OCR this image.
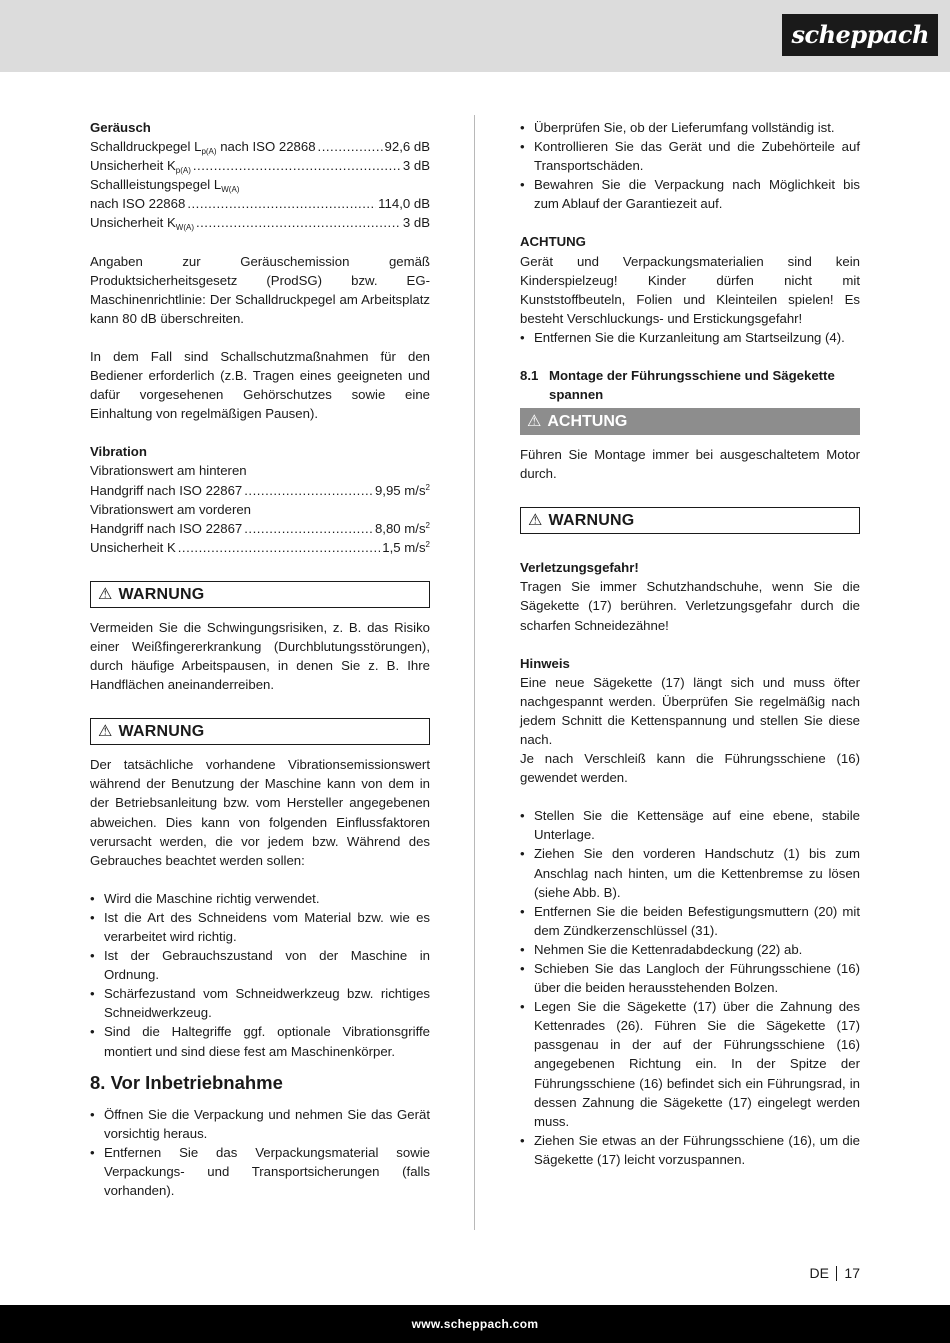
scheppach
Geräusch
Schalldruckpegel $L_{p(A)}$ nach ISO 22868 .....	92,6 dB
Unsicherheit $K_{p(A)}$ .....	3 dB
Schallleistungspegel $L_{W(A)}$
nach ISO 22868 .....	114,0 dB
Unsicherheit $K_{W(A)}$ .....	3 dB

Angaben zur Geräuschemission gemäß Produktsicherheitsgesetz (ProdSG) bzw. EG-Maschinenrichtlinie: Der Schalldruckpegel am Arbeitsplatz kann 80 dB überschreiten.

In dem Fall sind Schallschutzmaßnahmen für den Bediener erforderlich (z.B. Tragen eines geeigneten und dafür vorgesehenen Gehörschutzes sowie eine Einhaltung von regelmäßigen Pausen).

Vibration
Vibrationswert am hinteren
Handgriff nach ISO 22867 .....	9,95 $m/s^2$
Vibrationswert am vorderen
Handgriff nach ISO 22867 .....	8,80 $m/s^2$
Unsicherheit K .....	1,5 $m/s^2$
⚠ WARNUNG

Vermeiden Sie die Schwingungsrisiken, z. B. das Risiko einer Weißfingererkrankung (Durchblutungsstörungen), durch häufige Arbeitspausen, in denen Sie z. B. Ihre Handflächen aneinanderreiben.

⚠ WARNUNG

Der tatsächliche vorhandene Vibrationsemissionswert während der Benutzung der Maschine kann von dem in der Betriebsanleitung bzw. vom Hersteller angegebenen abweichen. Dies kann von folgenden Einflussfaktoren verursacht werden, die vor jedem bzw. Während des Gebrauches beachtet werden sollen:

• Wird die Maschine richtig verwendet.
• Ist die Art des Schneidens vom Material bzw. wie es verarbeitet wird richtig.
• Ist der Gebrauchszustand von der Maschine in Ordnung.
• Schärfezustand vom Schneidwerkzeug bzw. richtiges Schneidwerkzeug.
• Sind die Haltegriffe ggf. optionale Vibrationsgriffe montiert und sind diese fest am Maschinenkörper.
8. Vor Inbetriebnahme
• Öffnen Sie die Verpackung und nehmen Sie das Gerät vorsichtig heraus.
• Entfernen Sie das Verpackungsmaterial sowie Verpackungs- und Transportsicherungen (falls vorhanden).
• Überprüfen Sie, ob der Lieferumfang vollständig ist.
• Kontrollieren Sie das Gerät und die Zubehörteile auf Transportschäden.
• Bewahren Sie die Verpackung nach Möglichkeit bis zum Ablauf der Garantiezeit auf.
ACHTUNG

Gerät und Verpackungsmaterialien sind kein Kinderspielzeug! Kinder dürfen nicht mit Kunststoffbeuteln, Folien und Kleinteilen spielen! Es besteht Verschluckungs- und Erstickungsgefahr!

• Entfernen Sie die Kurzanleitung am Startseilzung (4).
8.1 Montage der Führungsschiene und Sägekette spannen
⚠ ACHTUNG

Führen Sie Montage immer bei ausgeschaltetem Motor durch.

⚠ WARNUNG
Verletzungsgefahr!

Tragen Sie immer Schutzhandschuhe, wenn Sie die Sägekette (17) berühren. Verletzungsgefahr durch die scharfen Schneidezähne!

Hinweis

Eine neue Sägekette (17) längt sich und muss öfter nachgespannt werden. Überprüfen Sie regelmäßig nach jedem Schnitt die Kettenspannung und stellen Sie diese nach.

Je nach Verschleiß kann die Führungsschiene (16) gewendet werden.

• Stellen Sie die Kettensäge auf eine ebene, stabile Unterlage.
• Ziehen Sie den vorderen Handschutz (1) bis zum Anschlag nach hinten, um die Kettenbremse zu lösen (siehe Abb. B).
• Entfernen Sie die beiden Befestigungsmuttern (20) mit dem Zündkerzenschlüssel (31).
• Nehmen Sie die Kettenradabdeckung (22) ab.
• Schieben Sie das Langloch der Führungsschiene (16) über die beiden herausstehenden Bolzen.
• Legen Sie die Sägekette (17) über die Zahnung des Kettenrades (26). Führen Sie die Sägekette (17) passgenau in der auf der Führungsschiene (16) angegebenen Richtung ein. In der Spitze der Führungsschiene (16) befindet sich ein Führungsrad, in dessen Zahnung die Sägekette (17) eingelegt werden muss.
• Ziehen Sie etwas an der Führungsschiene (16), um die Sägekette (17) leicht vorzuspannen.
DE 17
www.scheppach.com
